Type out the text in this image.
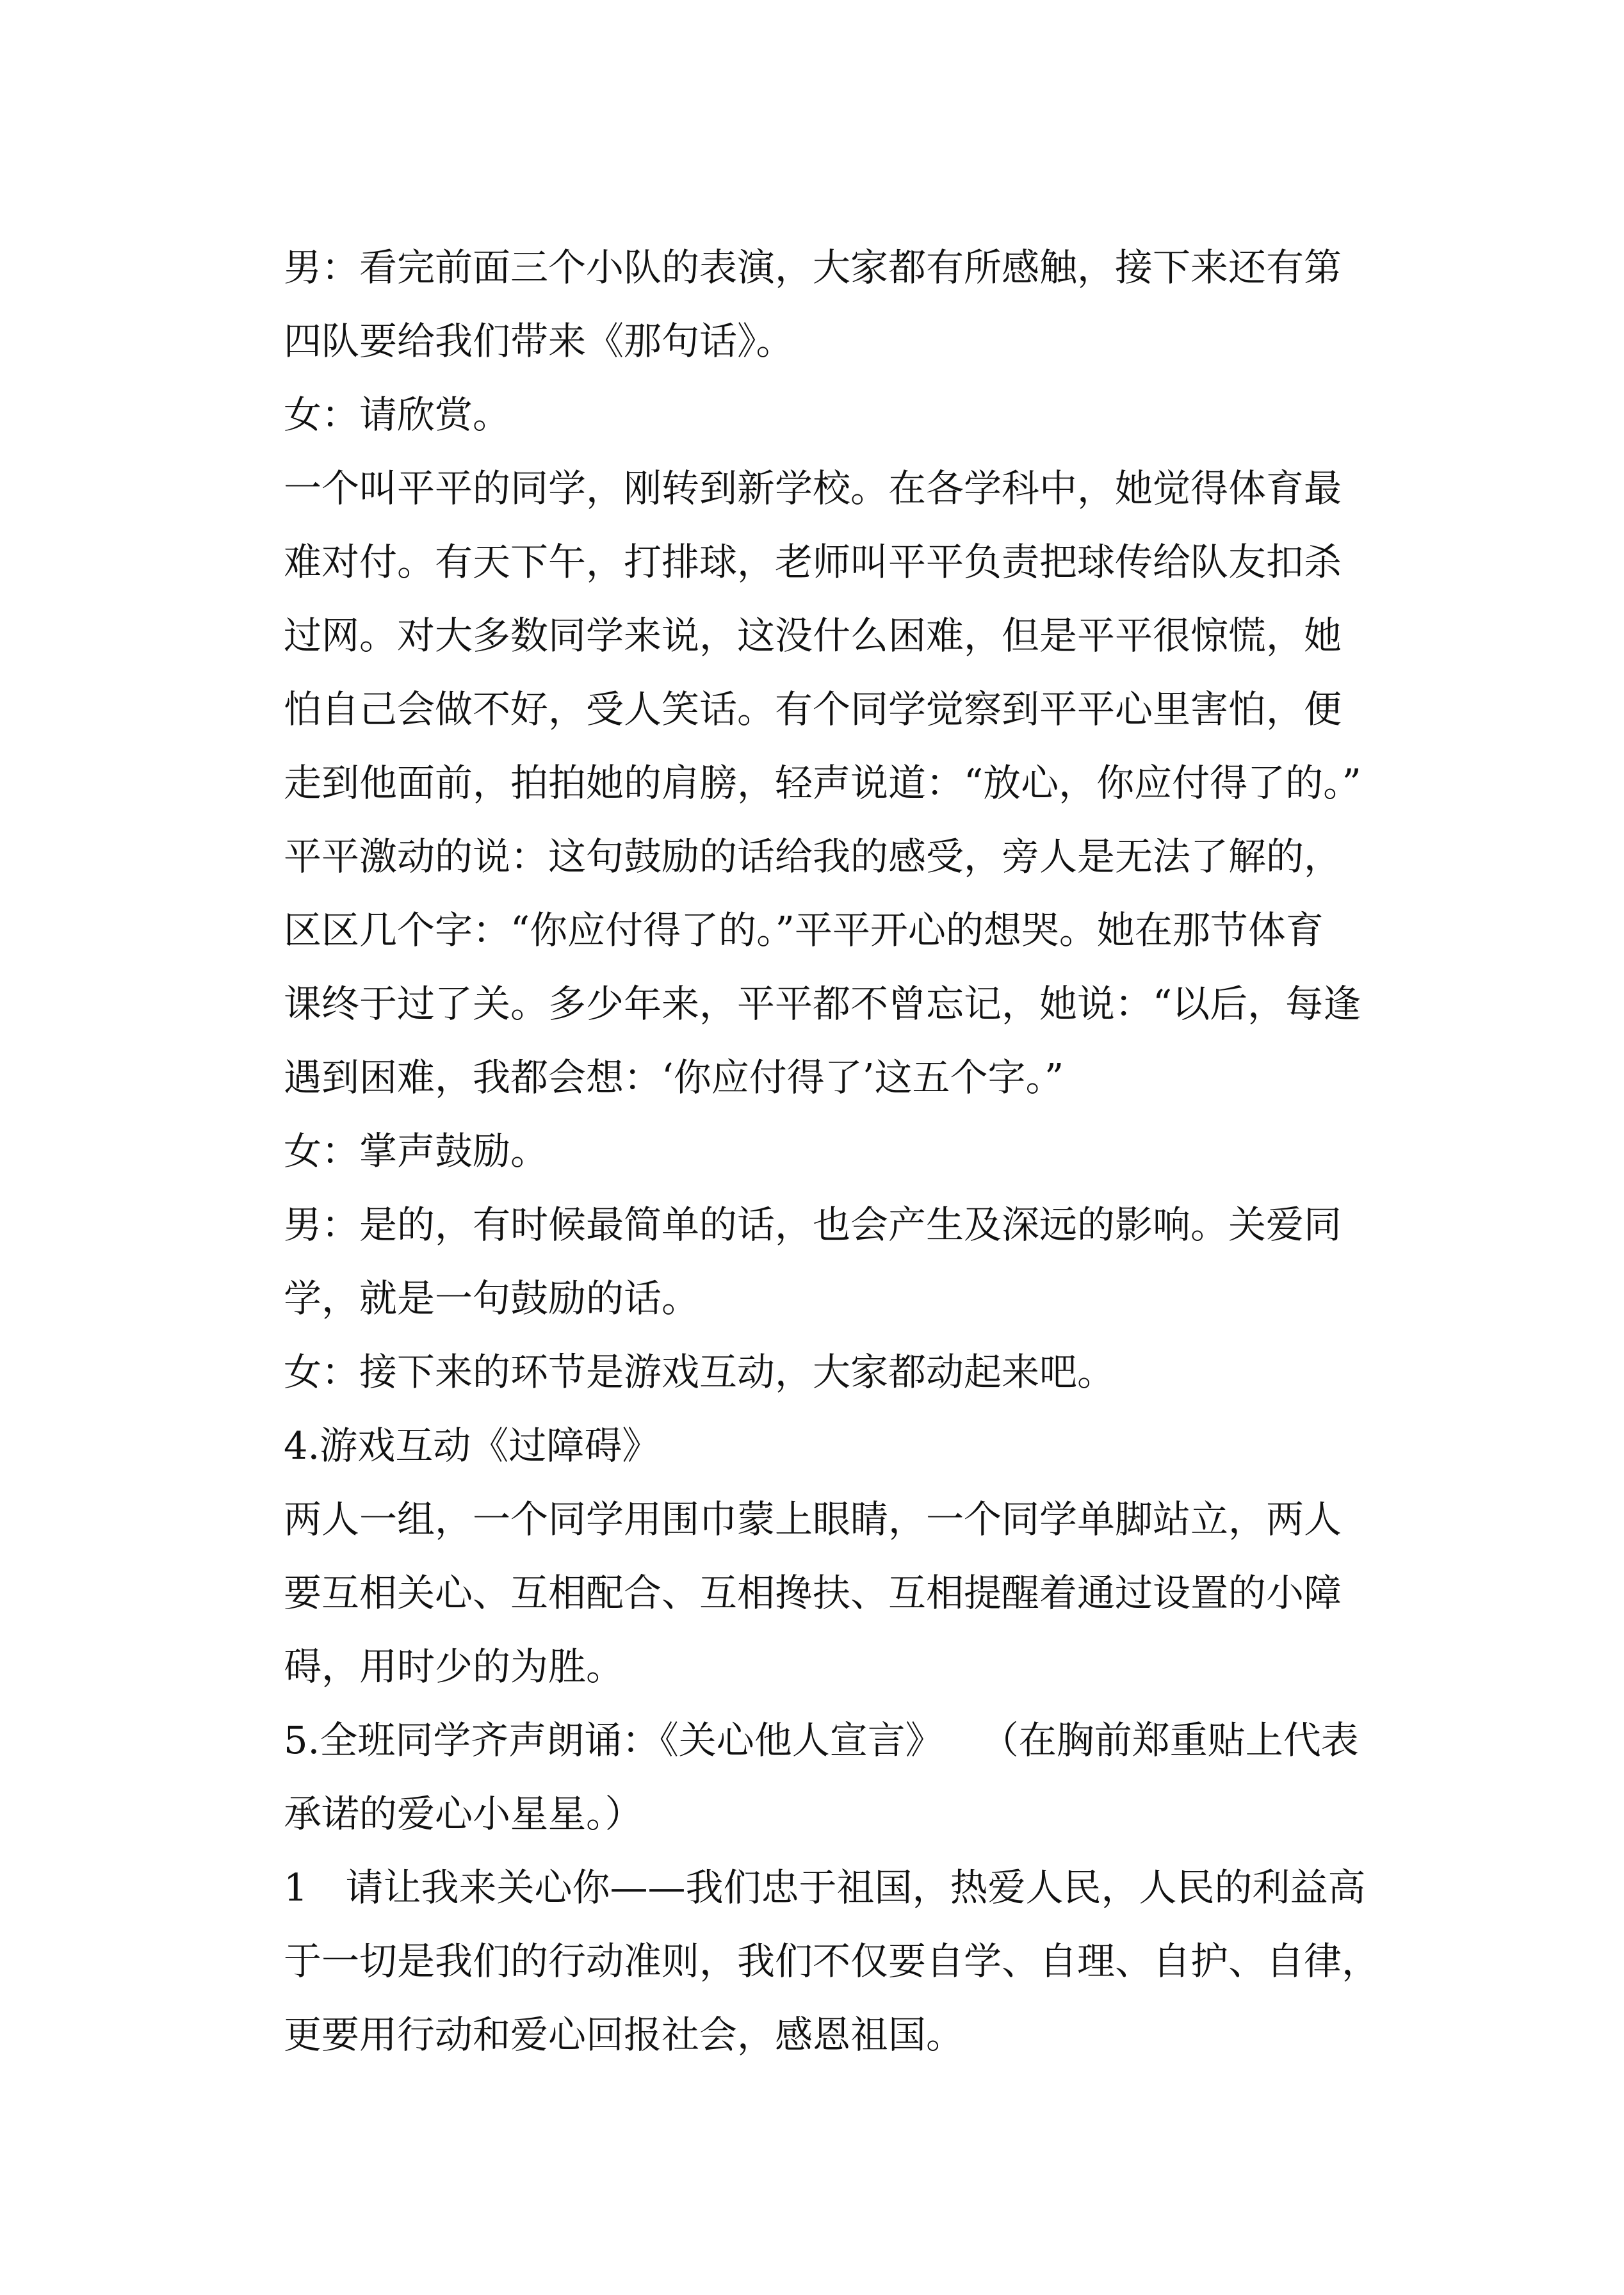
男：看完前面三个小队的表演，大家都有所感触，接下来还有第
四队要给我们带来《那句话》。

女：请欣赏。

一个叫平平的同学，刚转到新学校。在各学科中，她觉得体育最
难对付。有天下午，打排球，老师叫平平负责把球传给队友扣杀
过网。对大多数同学来说，这没什么困难，但是平平很惊慌，她
怕自己会做不好，受人笑话。有个同学觉察到平平心里害怕，便
走到他面前，拍拍她的肩膀，轻声说道：“放心，你应付得了的。”
平平激动的说：这句鼓励的话给我的感受，旁人是无法了解的，
区区几个字：“你应付得了的。”平平开心的想哭。她在那节体育
课终于过了关。多少年来，平平都不曾忘记，她说：“以后，每逢
遇到困难，我都会想：‘你应付得了’这五个字。”

女：掌声鼓励。

男：是的，有时候最简单的话，也会产生及深远的影响。关爱同
学，就是一句鼓励的话。

女：接下来的环节是游戏互动，大家都动起来吧。

4.游戏互动《过障碍》

两人一组，一个同学用围巾蒙上眼睛，一个同学单脚站立，两人
要互相关心、互相配合、互相搀扶、互相提醒着通过设置的小障
碍，用时少的为胜。

5.全班同学齐声朗诵：《关心他人宣言》　　（在胸前郑重贴上代表
承诺的爱心小星星。）

1　请让我来关心你——我们忠于祖国，热爱人民，人民的利益高
于一切是我们的行动准则，我们不仅要自学、自理、自护、自律，
更要用行动和爱心回报社会，感恩祖国。
